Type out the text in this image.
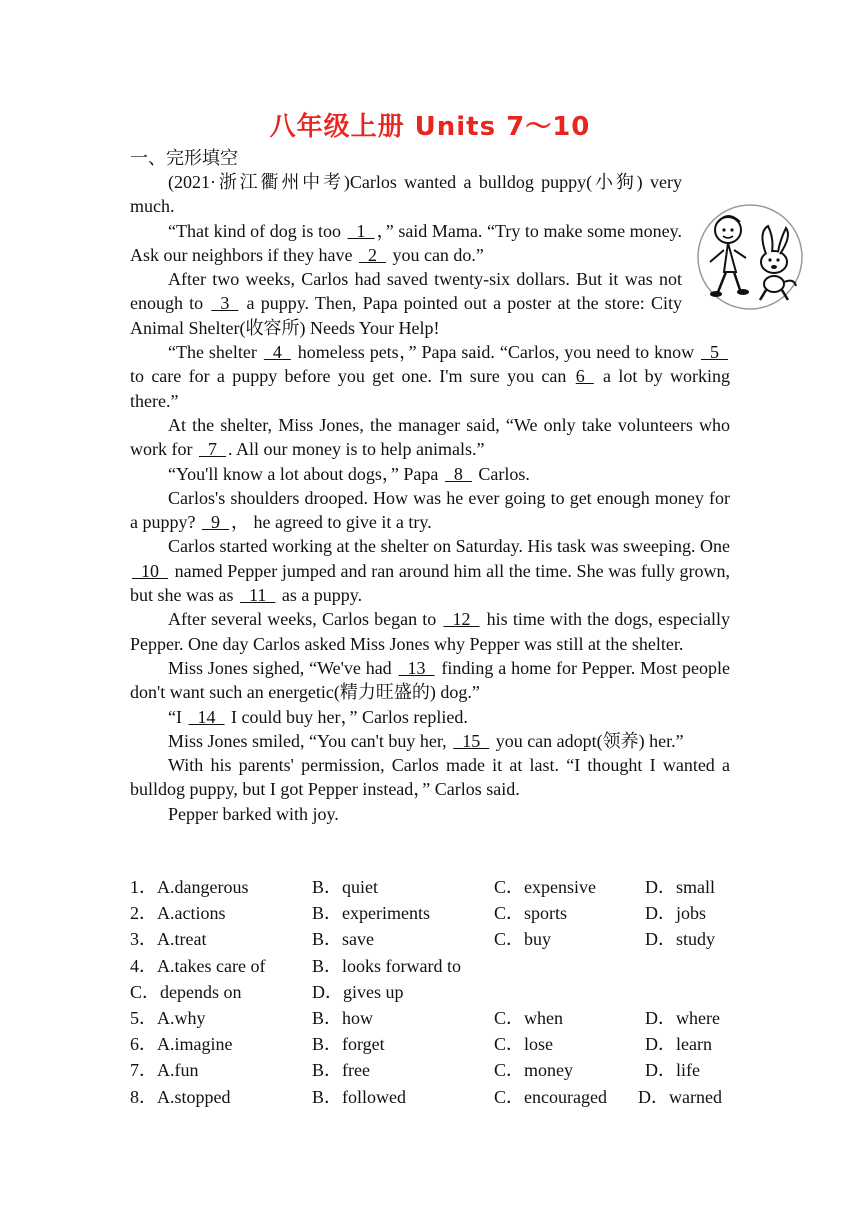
八年级上册 Units 7～10
一、完形填空

(2021·浙江衢州中考)Carlos wanted a bulldog puppy(小狗) very much.

“That kind of dog is too   1  ，” said Mama. “Try to make some money. Ask our neighbors if they have   2   you can do.”

After two weeks, Carlos had saved twenty-six dollars. But it was not enough to   3   a puppy. Then, Papa pointed out a poster at the store: City Animal Shelter(收容所) Needs Your Help!

“The shelter   4   homeless pets，” Papa said. “Carlos, you need to know   5   to care for a puppy before you get one. I'm sure you can 6   a lot by working there.”

At the shelter, Miss Jones, the manager said, “We only take volunteers who work for   7  . All our money is to help animals.”

“You'll know a lot about dogs，” Papa   8   Carlos.

Carlos's shoulders drooped. How was he ever going to get enough money for a puppy?   9  ， he agreed to give it a try.

Carlos started working at the shelter on Saturday. His task was sweeping. One   10   named Pepper jumped and ran around him all the time. She was fully grown, but she was as   11   as a puppy.

After several weeks, Carlos began to   12   his time with the dogs, especially Pepper. One day Carlos asked Miss Jones why Pepper was still at the shelter.

Miss Jones sighed, “We've had   13   finding a home for Pepper. Most people don't want such an energetic(精力旺盛的) dog.”

“I   14   I could buy her，” Carlos replied.

Miss Jones smiled, “You can't buy her,   15   you can adopt(领养) her.”

With his parents' permission, Carlos made it at last. “I thought I wanted a bulldog puppy, but I got Pepper instead，” Carlos said.

Pepper barked with joy.

1．A.dangerous	B．quiet	C．expensive	D．small
2．A.actions	B．experiments	C．sports	D．jobs
3．A.treat	B．save	C．buy	D．study
4．A.takes care of	B．looks forward to
C．depends on	D．gives up
5．A.why	B．how	C．when	D．where
6．A.imagine	B．forget	C．lose	D．learn
7．A.fun	B．free	C．money	D．life
8．A.stopped	B．followed	C．encouraged D．warned
